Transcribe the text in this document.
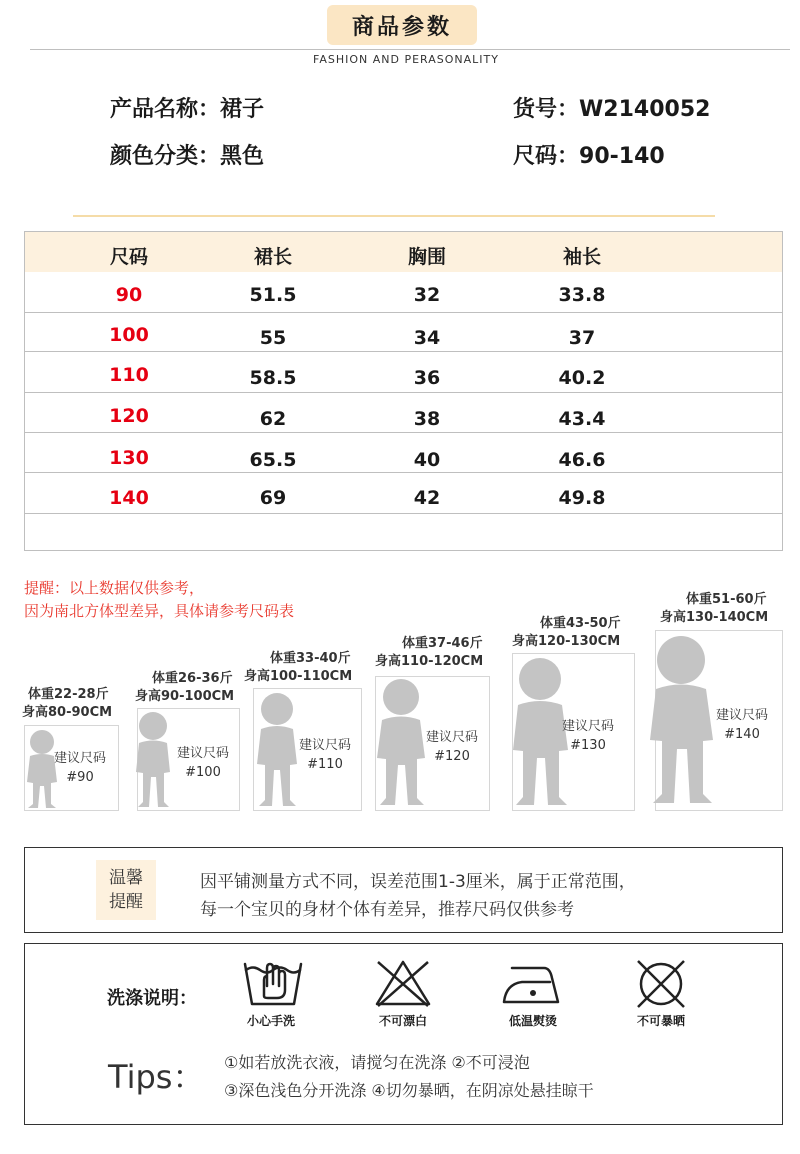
商品参数
FASHION AND PERASONALITY
产品名称：裙子	货号：W2140052
颜色分类：黑色	尺码：90-140
尺码	裙长	胸围	袖长
90	51.5	32	33.8
100	55	34	37
110	58.5	36	40.2
120	62	38	43.4
130	65.5	40	46.6
140	69	42	49.8
提醒：以上数据仅供参考，
因为南北方体型差异，具体请参考尺码表
体重22-28斤
身高80-90CM
建议尺码
#90
体重26-36斤
身高90-100CM
建议尺码
#100
体重33-40斤
身高100-110CM
建议尺码
#110
体重37-46斤
身高110-120CM
建议尺码
#120
体重43-50斤
身高120-130CM
建议尺码
#130
体重51-60斤
身高130-140CM
建议尺码
#140
温馨
提醒
因平铺测量方式不同，误差范围1-3厘米，属于正常范围，
每一个宝贝的身材个体有差异，推荐尺码仅供参考
洗涤说明：
小心手洗	不可漂白	低温熨烫	不可暴晒
Tips： ①如若放洗衣液，请搅匀在洗涤 ②不可浸泡
③深色浅色分开洗涤 ④切勿暴晒，在阴凉处悬挂晾干
